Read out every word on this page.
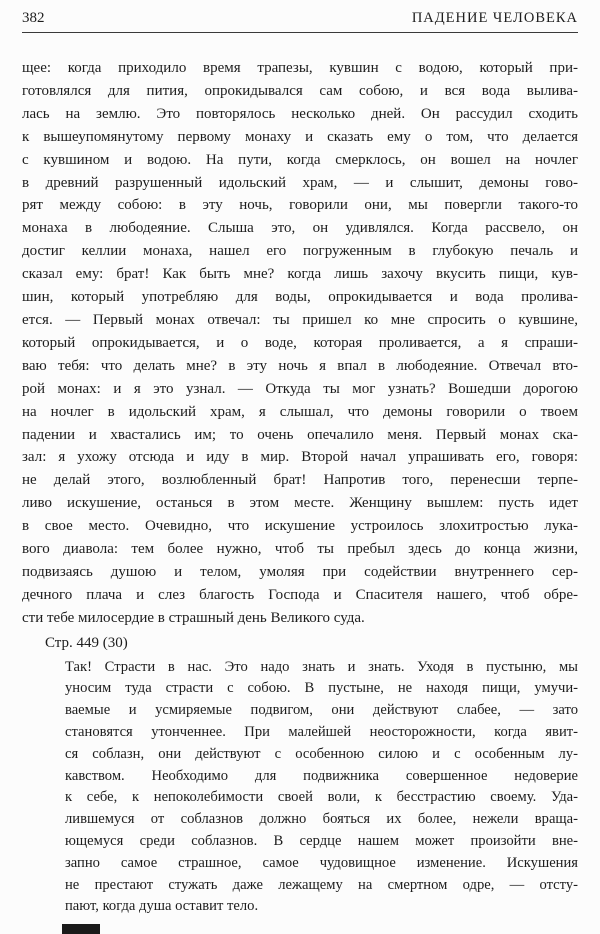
382	ПАДЕНИЕ ЧЕЛОВЕКА
щее: когда приходило время трапезы, кувшин с водою, который при-
готовлялся для пития, опрокидывался сам собою, и вся вода вылива-
лась на землю. Это повторялось несколько дней. Он рассудил сходить
к вышеупомянутому первому монаху и сказать ему о том, что делается
с кувшином и водою. На пути, когда смерклось, он вошел на ночлег
в древний разрушенный идольский храм, — и слышит, демоны гово-
рят между собою: в эту ночь, говорили они, мы повергли такого-то
монаха в любодеяние. Слыша это, он удивлялся. Когда рассвело, он
достиг келлии монаха, нашел его погруженным в глубокую печаль и
сказал ему: брат! Как быть мне? когда лишь захочу вкусить пищи, кув-
шин, который употребляю для воды, опрокидывается и вода пролива-
ется. — Первый монах отвечал: ты пришел ко мне спросить о кувшине,
который опрокидывается, и о воде, которая проливается, а я спраши-
ваю тебя: что делать мне? в эту ночь я впал в любодеяние. Отвечал вто-
рой монах: и я это узнал. — Откуда ты мог узнать? Вошедши дорогою
на ночлег в идольский храм, я слышал, что демоны говорили о твоем
падении и хвастались им; то очень опечалило меня. Первый монах ска-
зал: я ухожу отсюда и иду в мир. Второй начал упрашивать его, говоря:
не делай этого, возлюбленный брат! Напротив того, перенесши терпе-
ливо искушение, останься в этом месте. Женщину вышлем: пусть идет
в свое место. Очевидно, что искушение устроилось злохитростью лука-
вого диавола: тем более нужно, чтоб ты пребыл здесь до конца жизни,
подвизаясь душою и телом, умоляя при содействии внутреннего сер-
дечного плача и слез благость Господа и Спасителя нашего, чтоб обре-
сти тебе милосердие в страшный день Великого суда.

Стр. 449 (30)

Так! Страсти в нас. Это надо знать и знать. Уходя в пустыню, мы
уносим туда страсти с собою. В пустыне, не находя пищи, умучи-
ваемые и усмиряемые подвигом, они действуют слабее, — зато
становятся утонченнее. При малейшей неосторожности, когда явит-
ся соблазн, они действуют с особенною силою и с особенным лу-
кавством. Необходимо для подвижника совершенное недоверие
к себе, к непоколебимости своей воли, к бесстрастию своему. Уда-
лившемуся от соблазнов должно бояться их более, нежели враща-
ющемуся среди соблазнов. В сердце нашем может произойти вне-
запно самое страшное, самое чудовищное изменение. Искушения
не престают стужать даже лежащему на смертном одре, — отсту-
пают, когда душа оставит тело.
